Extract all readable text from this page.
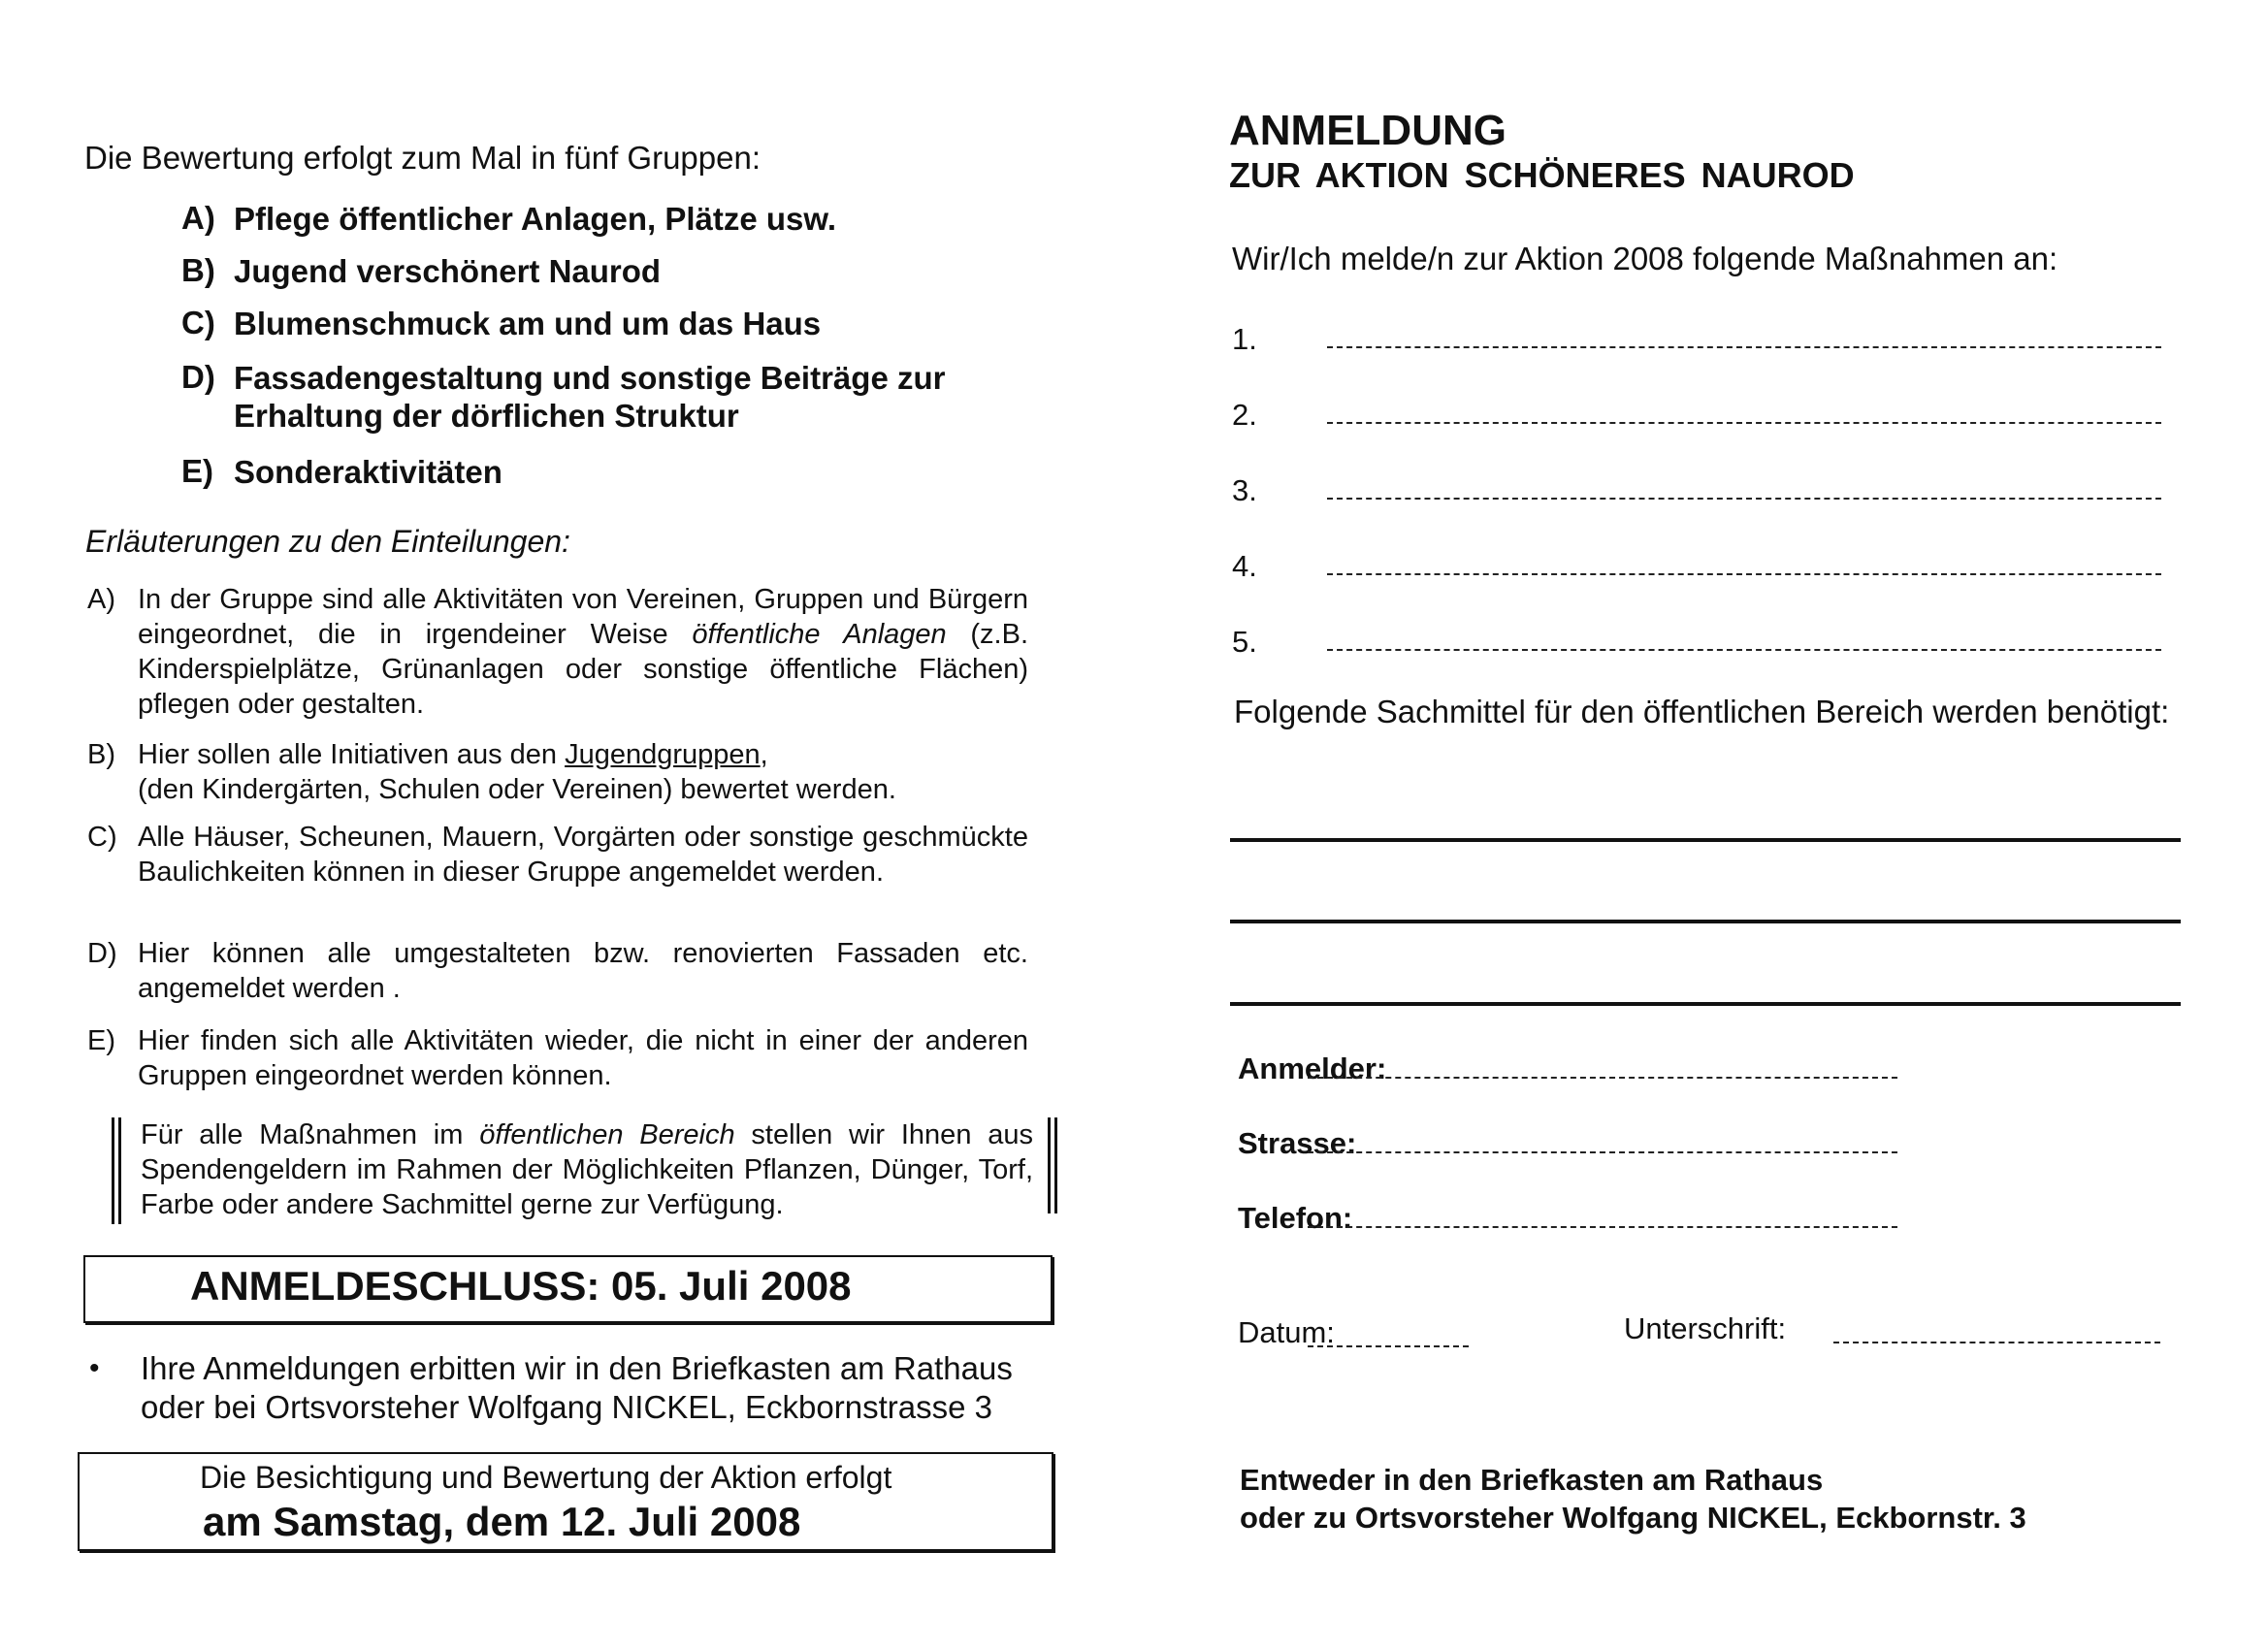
Die Bewertung erfolgt zum Mal in fünf Gruppen:
A) Pflege öffentlicher Anlagen, Plätze usw.
B) Jugend verschönert Naurod
C) Blumenschmuck am und um das Haus
D) Fassadengestaltung und sonstige Beiträge zur
Erhaltung der dörflichen Struktur
E) Sonderaktivitäten
Erläuterungen zu den Einteilungen:
A) In der Gruppe sind alle Aktivitäten von Vereinen, Gruppen und Bürgern eingeordnet, die in irgendeiner Weise öffentliche Anlagen (z.B. Kinderspielplätze, Grünanlagen oder sonstige öffentliche Flächen) pflegen oder gestalten.
B) Hier sollen alle Initiativen aus den Jugendgruppen,
(den Kindergärten, Schulen oder Vereinen) bewertet werden.
C) Alle Häuser, Scheunen, Mauern, Vorgärten oder sonstige geschmückte Baulichkeiten können in dieser Gruppe angemeldet werden.
D) Hier können alle umgestalteten bzw. renovierten Fassaden etc. angemeldet werden .
E) Hier finden sich alle Aktivitäten wieder, die nicht in einer der anderen Gruppen eingeordnet werden können.
Für alle Maßnahmen im öffentlichen Bereich stellen wir Ihnen aus Spendengeldern im Rahmen der Möglichkeiten Pflanzen, Dünger, Torf, Farbe oder andere Sachmittel gerne zur Verfügung.
ANMELDESCHLUSS: 05. Juli 2008
• Ihre Anmeldungen erbitten wir in den Briefkasten am Rathaus
oder bei Ortsvorsteher Wolfgang NICKEL, Eckbornstrasse 3
Die Besichtigung und Bewertung der Aktion erfolgt
am Samstag, dem 12. Juli 2008
ANMELDUNG
ZUR AKTION SCHÖNERES NAUROD
Wir/Ich melde/n zur Aktion 2008 folgende Maßnahmen an:
1.
2.
3.
4.
5.
Folgende Sachmittel für den öffentlichen Bereich werden benötigt:
Anmelder:
Strasse:
Telefon:
Datum:	Unterschrift:
Entweder in den Briefkasten am Rathaus
oder zu Ortsvorsteher Wolfgang NICKEL, Eckbornstr. 3
